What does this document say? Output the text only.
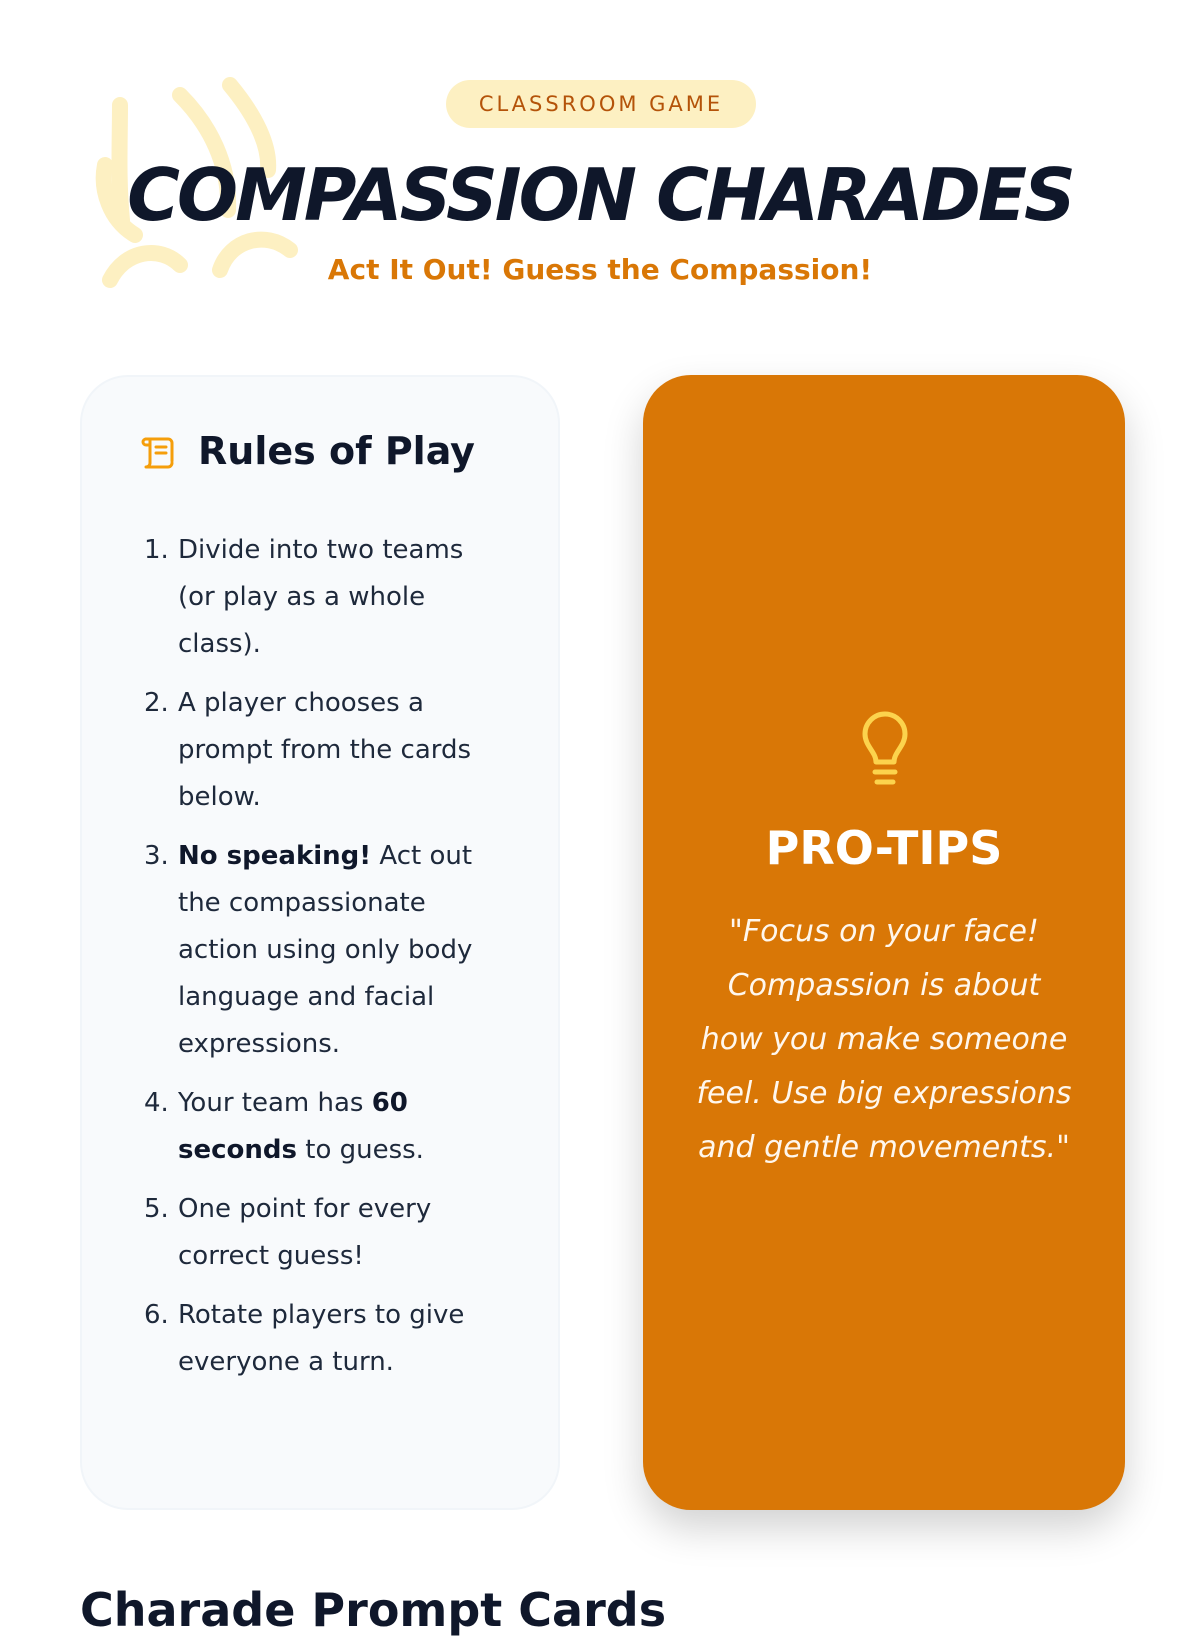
CLASSROOM GAME
COMPASSION CHARADES
Act It Out! Guess the Compassion!
Rules of Play
1. Divide into two teams (or play as a whole class).
2. A player chooses a prompt from the cards below.
3. No speaking! Act out the compassionate action using only body language and facial expressions.
4. Your team has 60 seconds to guess.
5. One point for every correct guess!
6. Rotate players to give everyone a turn.
PRO-TIPS
"Focus on your face! Compassion is about how you make someone feel. Use big expressions and gentle movements."
Charade Prompt Cards
